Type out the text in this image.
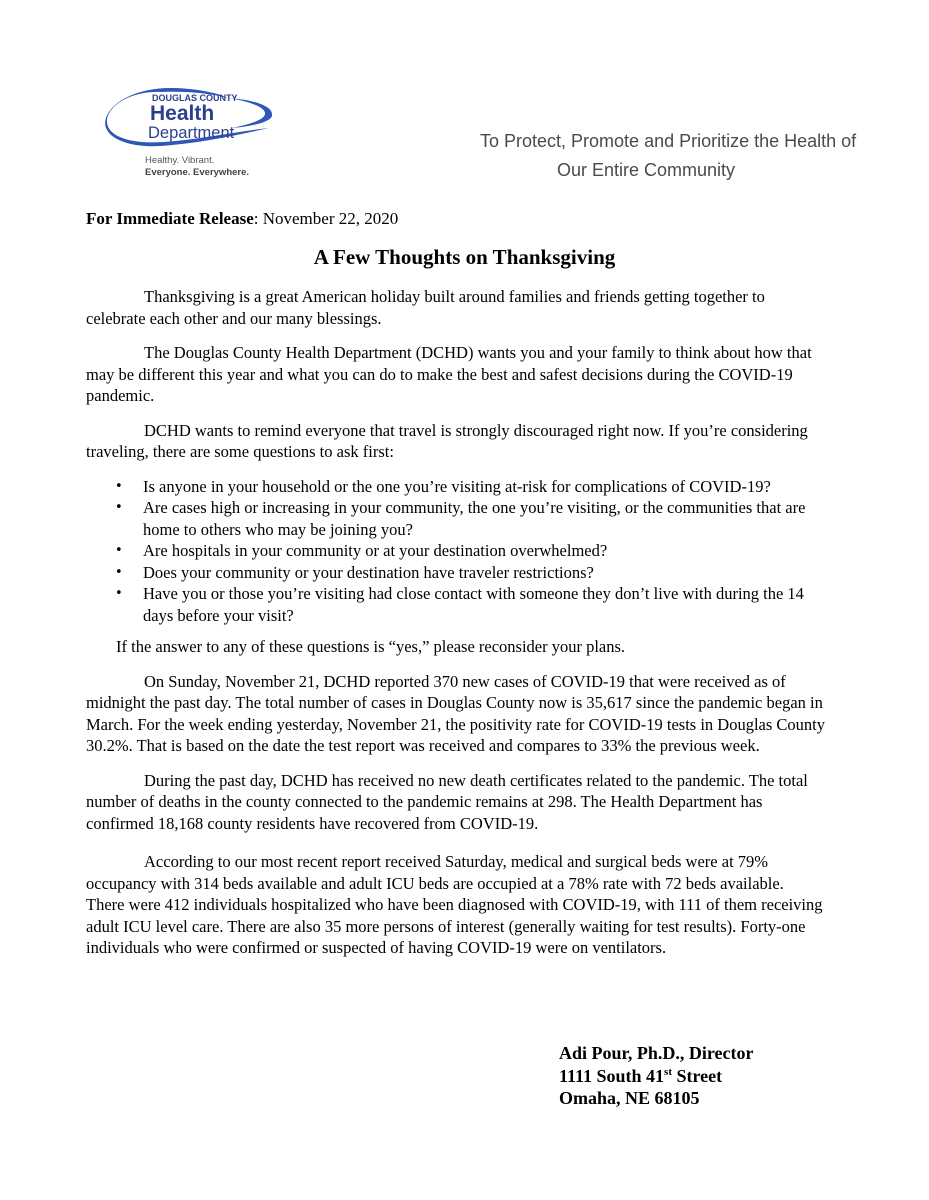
DOUGLAS COUNTY
Health
Department
Healthy. Vibrant.
Everyone. Everywhere.
To Protect, Promote and Prioritize the Health of
Our Entire Community
For Immediate Release: November 22, 2020
A Few Thoughts on Thanksgiving

Thanksgiving is a great American holiday built around families and friends getting together to celebrate each other and our many blessings.

The Douglas County Health Department (DCHD) wants you and your family to think about how that may be different this year and what you can do to make the best and safest decisions during the COVID-19 pandemic.

DCHD wants to remind everyone that travel is strongly discouraged right now. If you’re considering traveling, there are some questions to ask first:

• Is anyone in your household or the one you’re visiting at-risk for complications of COVID-19?
• Are cases high or increasing in your community, the one you’re visiting, or the communities that are home to others who may be joining you?
• Are hospitals in your community or at your destination overwhelmed?
• Does your community or your destination have traveler restrictions?
• Have you or those you’re visiting had close contact with someone they don’t live with during the 14 days before your visit?

If the answer to any of these questions is “yes,” please reconsider your plans.

On Sunday, November 21, DCHD reported 370 new cases of COVID-19 that were received as of midnight the past day. The total number of cases in Douglas County now is 35,617 since the pandemic began in March. For the week ending yesterday, November 21, the positivity rate for COVID-19 tests in Douglas County 30.2%. That is based on the date the test report was received and compares to 33% the previous week.

During the past day, DCHD has received no new death certificates related to the pandemic. The total number of deaths in the county connected to the pandemic remains at 298. The Health Department has confirmed 18,168 county residents have recovered from COVID-19.

According to our most recent report received Saturday, medical and surgical beds were at 79% occupancy with 314 beds available and adult ICU beds are occupied at a 78% rate with 72 beds available. There were 412 individuals hospitalized who have been diagnosed with COVID-19, with 111 of them receiving adult ICU level care. There are also 35 more persons of interest (generally waiting for test results). Forty-one individuals who were confirmed or suspected of having COVID-19 were on ventilators.

Adi Pour, Ph.D., Director
1111 South 41st Street
Omaha, NE 68105
